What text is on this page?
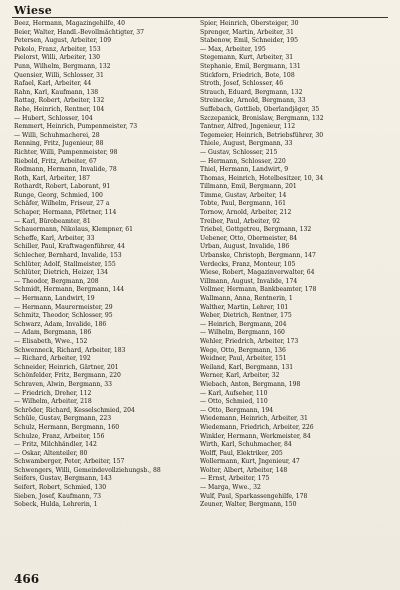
Wiese
Beez, Hermann, Magazingehilfe, 40
Beier, Walter, Handl.-Bevollmächtigter, 37
Petersen, August, Arbeiter, 109
Pekolo, Franz, Arbeiter, 153
Pielorst, Willi, Arbeiter, 130
Punn, Wilhelm, Bergmann, 132
Quensier, Willi, Schlosser, 31
Rafael, Karl, Arbeiter, 44
Rahn, Karl, Kaufmann, 138
Rattag, Robert, Arbeiter, 132
Rehe, Heinrich, Rentner, 104
— Hubert, Schlosser, 104
Remmert, Heinrich, Pumpenmeister, 73
— Willi, Schuhmacherei, 28
Renning, Fritz, Jugenieur, 88
Richter, Willi, Pumpenmeister, 98
Riebold, Fritz, Arbeiter, 67
Rodmann, Hermann, Invalide, 78
Roth, Karl, Arbeiter, 187
Rothardt, Robert, Laborant, 91
Runge, Georg, Schmied, 100
Schäfer, Wilhelm, Friseur, 27 a
Schaper, Hermann, Pförtner, 114
— Karl, Bürobeamter, 81
Schauermann, Nikolaus, Klempner, 61
Scheffe, Karl, Arbeiter, 33
Schiller, Paul, Kraftwagenführer, 44
Schlecher, Bernhard, Invalide, 153
Schlüter, Adolf, Stallmeister, 155
Schlüter, Dietrich, Heizer, 134
— Theodor, Bergmann, 208
Schmidt, Hermann, Bergmann, 144
— Hermann, Landwirt, 19
— Hermann, Maurermeister, 29
Schmitz, Theodor, Schlosser, 95
Schwarz, Adam, Invalide, 186
— Adam, Bergmann, 186
— Elisabeth, Wwe., 152
Schwenneck, Richard, Arbeiter, 183
— Richard, Arbeiter, 192
Schneider, Heinrich, Gärtner, 201
Schönfelder, Fritz, Bergmann, 220
Schraven, Alwin, Bergmann, 33
— Friedrich, Dreher, 112
— Wilhelm, Arbeiter, 218
Schröder, Richard, Kesselschmied, 204
Schüle, Gustav, Bergmann, 223
Schulz, Hermann, Bergmann, 160
Schulze, Franz, Arbeiter, 156
— Fritz, Milchhändler, 142
— Oskar, Altenteiler, 80
Schwamberger, Peter, Arbeiter, 157
Schwengers, Willi, Gemeindevollziehungsb., 88
Seifers, Gustav, Bergmann, 143
Seifert, Robert, Schmied, 130
Sieben, Josef, Kaufmann, 73
Sobeck, Hulda, Lehrerin, 1
Spier, Heinrich, Obersteiger, 30
Sprenger, Martin, Arbeiter, 31
Stabenow, Emil, Schneider, 195
— Max, Arbeiter, 195
Stegemann, Kurt, Arbeiter, 31
Stephanie, Emil, Bergmann, 131
Stickforn, Friedrich, Bote, 108
Stroth, Josef, Schlosser, 46
Strauch, Eduard, Bergmann, 132
Streinecke, Arnold, Bergmann, 33
Suffebach, Gottlieb, Oberlandjäger, 35
Szczepanick, Bronislaw, Bergmann, 132
Tantner, Alfred, Jngenieur, 112
Tegemeier, Heinrich, Betriebsführer, 30
Thiele, August, Bergmann, 33
— Gustav, Schlosser, 215
— Hermann, Schlosser, 220
Thiel, Hermann, Landwirt, 9
Thomas, Heinrich, Hotelbesitzer, 10, 34
Tillmann, Emil, Bergmann, 201
Timme, Gustav, Arbeiter, 14
Tobte, Paul, Bergmann, 161
Tornow, Arnold, Arbeiter, 212
Treiber, Paul, Arbeiter, 92
Triebel, Gottgetreu, Bergmann, 132
Uebener, Otto, Obermeister, 84
Urban, August, Invalide, 186
Urbanske, Christoph, Bergmann, 147
Verdecks, Franz, Monteur, 105
Wiese, Robert, Magazinverwalter, 64
Villmann, August, Invalide, 174
Vollmer, Hermann, Bankbeamter, 178
Wallmann, Anna, Rentnerin, 1
Walther, Martin, Lehrer, 101
Weber, Dietrich, Rentner, 175
— Heinrich, Bergmann, 204
— Wilhelm, Bergmann, 160
Wehler, Friedrich, Arbeiter, 173
Wege, Otto, Bergmann, 136
Weidner, Paul, Arbeiter, 151
Weiland, Karl, Bergmann, 131
Werner, Karl, Arbeiter, 32
Wiebach, Anton, Bergmann, 198
— Karl, Aufseher, 110
— Otto, Schmied, 110
— Otto, Bergmann, 194
Wiedemann, Heinrich, Arbeiter, 31
Wiedemann, Friedrich, Arbeiter, 226
Winkler, Hermann, Werkmeister, 84
Wirth, Karl, Schuhmacher, 84
Wolff, Paul, Elektriker, 205
Wollermann, Kurt, Jngenieur, 47
Wolter, Albert, Arbeiter, 148
— Ernst, Arbeiter, 175
— Marga, Wwe., 32
Wulf, Paul, Sparkassengehilfe, 178
Zeuner, Walter, Bergmann, 150
466
